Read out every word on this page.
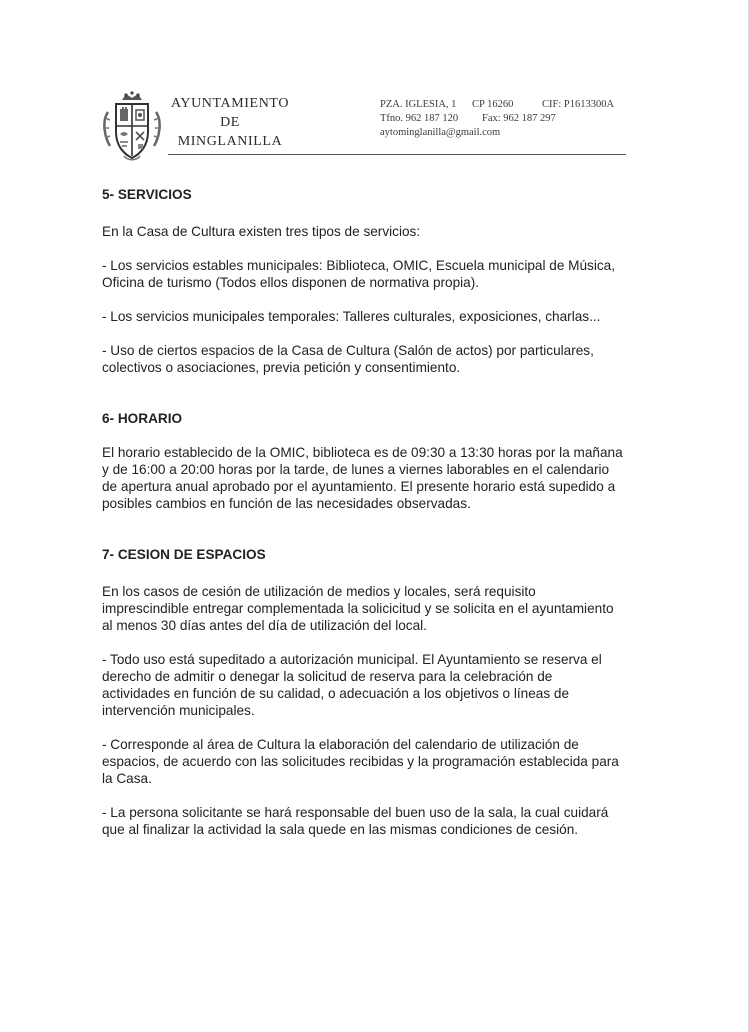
AYUNTAMIENTO
DE
MINGLANILLA
PZA. IGLESIA, 1 CP 16260	CIF: P1613300A
Tfno. 962 187 120 Fax: 962 187 297
aytominglanilla@gmail.com
5- SERVICIOS

En la Casa de Cultura existen tres tipos de servicios:

- Los servicios estables municipales: Biblioteca, OMIC, Escuela municipal de Música, Oficina de turismo (Todos ellos disponen de normativa propia).

- Los servicios municipales temporales: Talleres culturales, exposiciones, charlas...

- Uso de ciertos espacios de la Casa de Cultura (Salón de actos) por particulares, colectivos o asociaciones, previa petición y consentimiento.

6- HORARIO

El horario establecido de la OMIC, biblioteca es de 09:30 a 13:30 horas por la mañana y de 16:00 a 20:00 horas por la tarde, de lunes a viernes laborables en el calendario de apertura anual aprobado por el ayuntamiento. El presente horario está supedido a posibles cambios en función de las necesidades observadas.

7- CESION DE ESPACIOS

En los casos de cesión de utilización de medios y locales, será requisito imprescindible entregar complementada la solicicitud y se solicita en el ayuntamiento al menos 30 días antes del día de utilización del local.

- Todo uso está supeditado a autorización municipal. El Ayuntamiento se reserva el derecho de admitir o denegar la solicitud de reserva para la celebración de actividades en función de su calidad, o adecuación a los objetivos o líneas de intervención municipales.

- Corresponde al área de Cultura la elaboración del calendario de utilización de espacios, de acuerdo con las solicitudes recibidas y la programación establecida para la Casa.

- La persona solicitante se hará responsable del buen uso de la sala, la cual cuidará que al finalizar la actividad la sala quede en las mismas condiciones de cesión.
